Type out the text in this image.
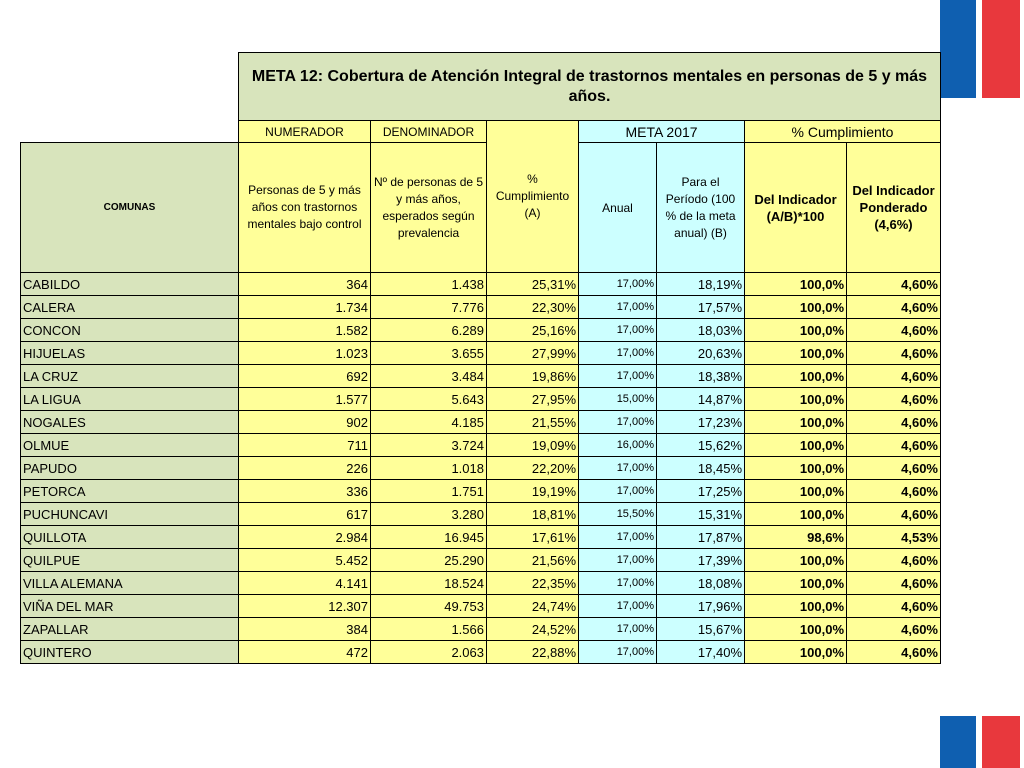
	META 12: Cobertura de Atención Integral de trastornos mentales en personas de 5 y más años.						
	NUMERADOR	DENOMINADOR	% Cumplimiento (A)	META 2017		% Cumplimiento	
COMUNAS	Personas de 5 y más años con trastornos mentales bajo control	Nº de personas de 5 y más años, esperados según prevalencia		Anual	Para el Período (100 % de la meta anual) (B)	Del Indicador (A/B)*100	Del Indicador Ponderado (4,6%)
CABILDO	364	1.438	25,31%	17,00%	18,19%	100,0%	4,60%
CALERA	1.734	7.776	22,30%	17,00%	17,57%	100,0%	4,60%
CONCON	1.582	6.289	25,16%	17,00%	18,03%	100,0%	4,60%
HIJUELAS	1.023	3.655	27,99%	17,00%	20,63%	100,0%	4,60%
LA CRUZ	692	3.484	19,86%	17,00%	18,38%	100,0%	4,60%
LA LIGUA	1.577	5.643	27,95%	15,00%	14,87%	100,0%	4,60%
NOGALES	902	4.185	21,55%	17,00%	17,23%	100,0%	4,60%
OLMUE	711	3.724	19,09%	16,00%	15,62%	100,0%	4,60%
PAPUDO	226	1.018	22,20%	17,00%	18,45%	100,0%	4,60%
PETORCA	336	1.751	19,19%	17,00%	17,25%	100,0%	4,60%
PUCHUNCAVI	617	3.280	18,81%	15,50%	15,31%	100,0%	4,60%
QUILLOTA	2.984	16.945	17,61%	17,00%	17,87%	98,6%	4,53%
QUILPUE	5.452	25.290	21,56%	17,00%	17,39%	100,0%	4,60%
VILLA ALEMANA	4.141	18.524	22,35%	17,00%	18,08%	100,0%	4,60%
VIÑA DEL MAR	12.307	49.753	24,74%	17,00%	17,96%	100,0%	4,60%
ZAPALLAR	384	1.566	24,52%	17,00%	15,67%	100,0%	4,60%
QUINTERO	472	2.063	22,88%	17,00%	17,40%	100,0%	4,60%
